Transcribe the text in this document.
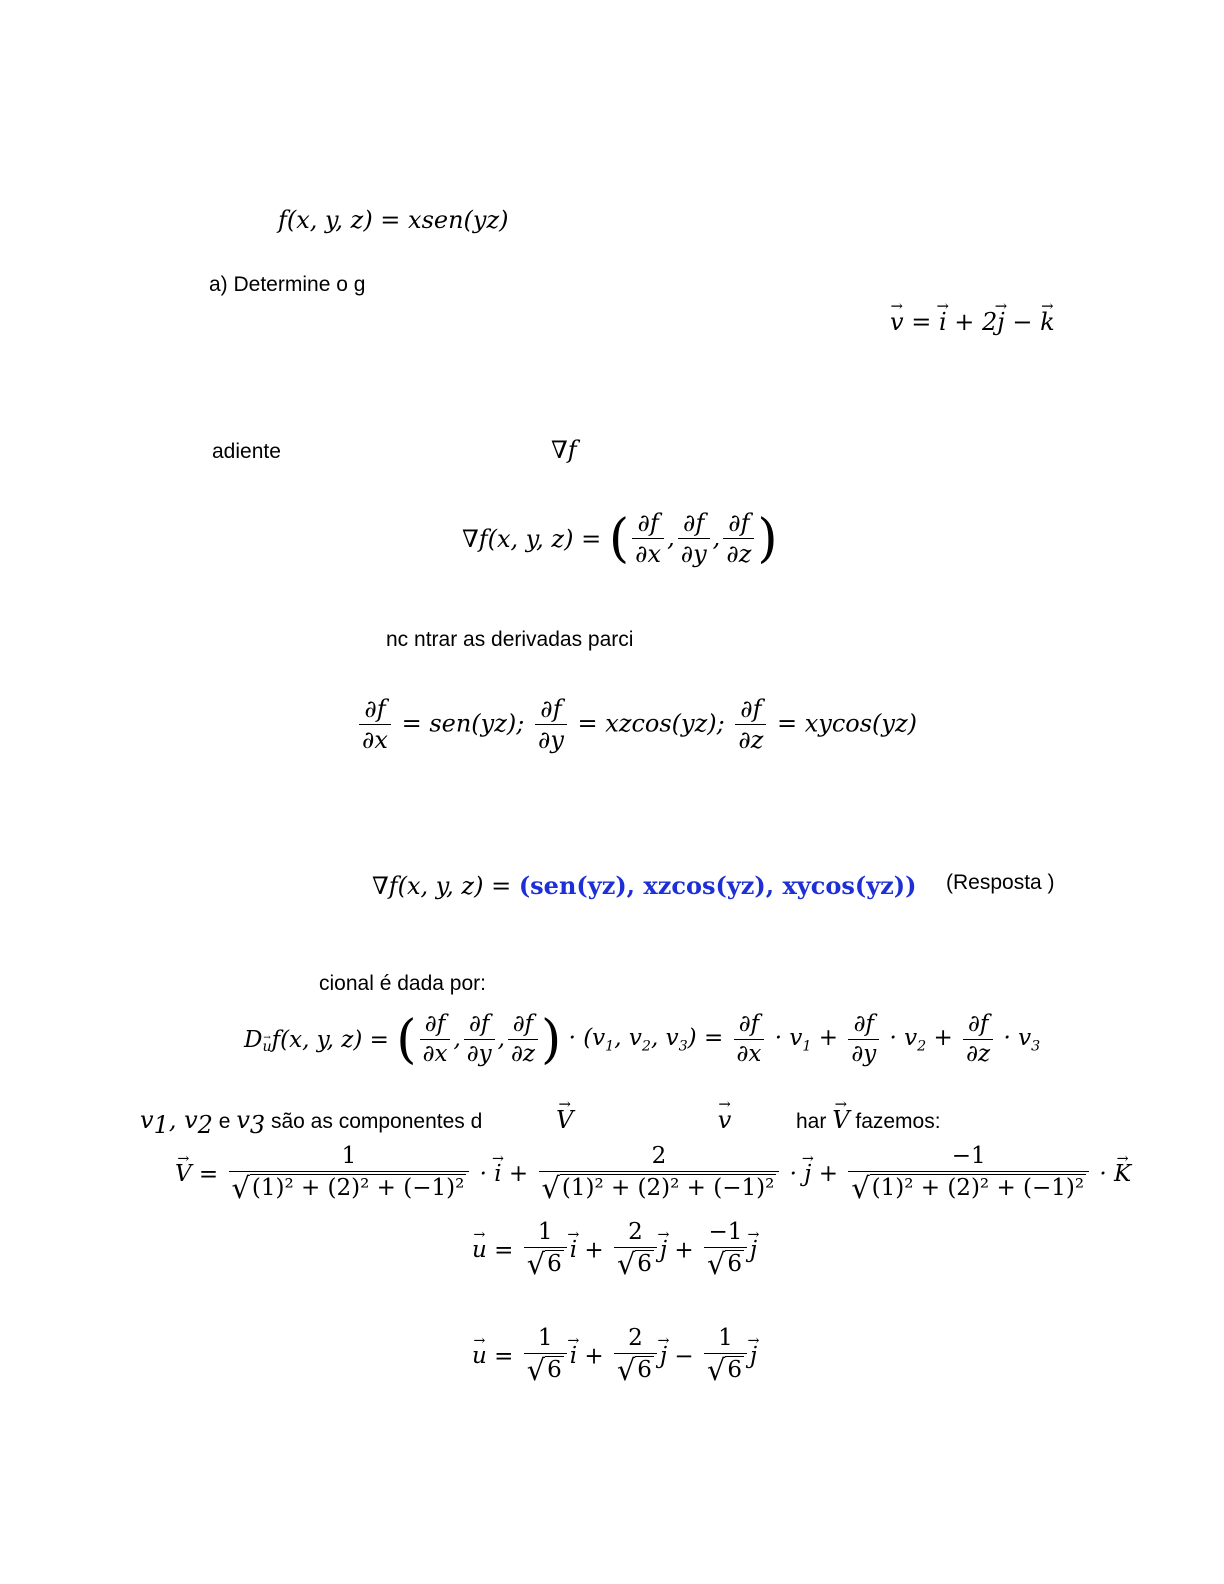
f(x, y, z) = xsen(yz)
a) Determine o g
→ v = → i + 2→ j − → k
adiente	∇f
∇f(x, y, z) = ( $\frac{\partial f}{\partial x}$ , $\frac{\partial f}{\partial y}$ , $\frac{\partial f}{\partial z}$ )
nc ntrar as derivadas parci
$\frac{\partial f}{\partial x} = sen(yz)$; $\frac{\partial f}{\partial y} = xzcos(yz)$; $\frac{\partial f}{\partial z} = xycos(yz)$
∇f(x, y, z) = (sen(yz), xzcos(yz), xycos(yz)) (Resposta )
cional é dada por:
D→ $_u$f(x, y, z) = ( $\frac{\partial f}{\partial x}$ , $\frac{\partial f}{\partial y}$ , $\frac{\partial f}{\partial z}$ ) · ($v_1$, $v_2$, $v_3) = \frac{\partial f}{\partial x} \cdot v_1 + \frac{\partial f}{\partial y} \cdot v_2 + \frac{\partial f}{\partial z} \cdot v_3$
$v_1$, $v_2$ e $v_3$ são as componentes d
→	V →	v	har → V fazemos:
→ $V = \frac{1}{\text{√ (1)² + (2)² + (−1)²}}$ · → $i + \frac{2}{\text{√ (1)² + (2)² + (−1)²}}$ · → $j + \frac{-1}{\text{√ (1)² + (2)² + (−1)²}}$ · → K
→ $u = \frac{1}{√ 6}$
→ $i + \frac{2}{√ 6}$
→ $j + \frac{-1}{√ 6}$
→ j
→ $u = \frac{1}{√ 6}$
→ $i + \frac{2}{√ 6}$
→ $j - \frac{1}{√ 6}$
→ j
